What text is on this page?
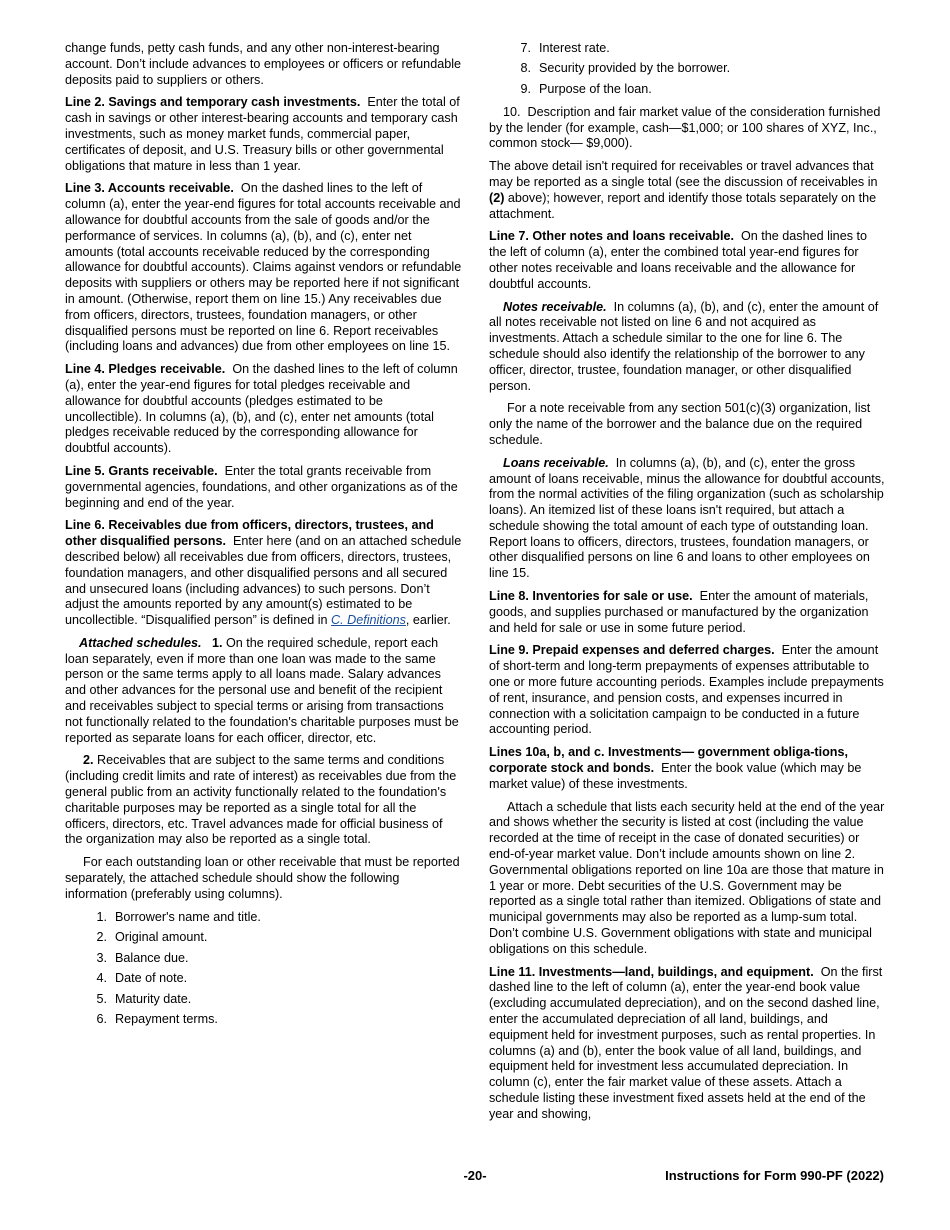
change funds, petty cash funds, and any other non-interest-bearing account. Don’t include advances to employees or officers or refundable deposits paid to suppliers or others.

Line 2. Savings and temporary cash investments. Enter the total of cash in savings or other interest-bearing accounts and temporary cash investments, such as money market funds, commercial paper, certificates of deposit, and U.S. Treasury bills or other governmental obligations that mature in less than 1 year.

Line 3. Accounts receivable. On the dashed lines to the left of column (a), enter the year-end figures for total accounts receivable and allowance for doubtful accounts from the sale of goods and/or the performance of services. In columns (a), (b), and (c), enter net amounts (total accounts receivable reduced by the corresponding allowance for doubtful accounts). Claims against vendors or refundable deposits with suppliers or others may be reported here if not significant in amount. (Otherwise, report them on line 15.) Any receivables due from officers, directors, trustees, foundation managers, or other disqualified persons must be reported on line 6. Report receivables (including loans and advances) due from other employees on line 15.

Line 4. Pledges receivable. On the dashed lines to the left of column (a), enter the year-end figures for total pledges receivable and allowance for doubtful accounts (pledges estimated to be uncollectible). In columns (a), (b), and (c), enter net amounts (total pledges receivable reduced by the corresponding allowance for doubtful accounts).

Line 5. Grants receivable. Enter the total grants receivable from governmental agencies, foundations, and other organizations as of the beginning and end of the year.

Line 6. Receivables due from officers, directors, trustees, and other disqualified persons. Enter here (and on an attached schedule described below) all receivables due from officers, directors, trustees, foundation managers, and other disqualified persons and all secured and unsecured loans (including advances) to such persons. Don’t adjust the amounts reported by any amount(s) estimated to be uncollectible. “Disqualified person” is defined in C. Definitions, earlier.

Attached schedules. 1. On the required schedule, report each loan separately, even if more than one loan was made to the same person or the same terms apply to all loans made. Salary advances and other advances for the personal use and benefit of the recipient and receivables subject to special terms or arising from transactions not functionally related to the foundation's charitable purposes must be reported as separate loans for each officer, director, etc.

2. Receivables that are subject to the same terms and conditions (including credit limits and rate of interest) as receivables due from the general public from an activity functionally related to the foundation's charitable purposes may be reported as a single total for all the officers, directors, etc. Travel advances made for official business of the organization may also be reported as a single total.

For each outstanding loan or other receivable that must be reported separately, the attached schedule should show the following information (preferably using columns).

1. Borrower's name and title.
2. Original amount.
3. Balance due.
4. Date of note.
5. Maturity date.
6. Repayment terms.
7. Interest rate.
8. Security provided by the borrower.
9. Purpose of the loan.

10. Description and fair market value of the consideration furnished by the lender (for example, cash—$1,000; or 100 shares of XYZ, Inc., common stock— $9,000).

The above detail isn't required for receivables or travel advances that may be reported as a single total (see the discussion of receivables in (2) above); however, report and identify those totals separately on the attachment.

Line 7. Other notes and loans receivable. On the dashed lines to the left of column (a), enter the combined total year-end figures for other notes receivable and loans receivable and the allowance for doubtful accounts.

Notes receivable. In columns (a), (b), and (c), enter the amount of all notes receivable not listed on line 6 and not acquired as investments. Attach a schedule similar to the one for line 6. The schedule should also identify the relationship of the borrower to any officer, director, trustee, foundation manager, or other disqualified person.

For a note receivable from any section 501(c)(3) organization, list only the name of the borrower and the balance due on the required schedule.

Loans receivable. In columns (a), (b), and (c), enter the gross amount of loans receivable, minus the allowance for doubtful accounts, from the normal activities of the filing organization (such as scholarship loans). An itemized list of these loans isn't required, but attach a schedule showing the total amount of each type of outstanding loan. Report loans to officers, directors, trustees, foundation managers, or other disqualified persons on line 6 and loans to other employees on line 15.

Line 8. Inventories for sale or use. Enter the amount of materials, goods, and supplies purchased or manufactured by the organization and held for sale or use in some future period.

Line 9. Prepaid expenses and deferred charges. Enter the amount of short-term and long-term prepayments of expenses attributable to one or more future accounting periods. Examples include prepayments of rent, insurance, and pension costs, and expenses incurred in connection with a solicitation campaign to be conducted in a future accounting period.

Lines 10a, b, and c. Investments— government obliga-tions, corporate stock and bonds. Enter the book value (which may be market value) of these investments.

Attach a schedule that lists each security held at the end of the year and shows whether the security is listed at cost (including the value recorded at the time of receipt in the case of donated securities) or end-of-year market value. Don’t include amounts shown on line 2. Governmental obligations reported on line 10a are those that mature in 1 year or more. Debt securities of the U.S. Government may be reported as a single total rather than itemized. Obligations of state and municipal governments may also be reported as a lump-sum total. Don’t combine U.S. Government obligations with state and municipal obligations on this schedule.

Line 11. Investments—land, buildings, and equipment. On the first dashed line to the left of column (a), enter the year-end book value (excluding accumulated depreciation), and on the second dashed line, enter the accumulated depreciation of all land, buildings, and equipment held for investment purposes, such as rental properties. In columns (a) and (b), enter the book value of all land, buildings, and equipment held for investment less accumulated depreciation. In column (c), enter the fair market value of these assets. Attach a schedule listing these investment fixed assets held at the end of the year and showing,

-20-	Instructions for Form 990-PF (2022)
